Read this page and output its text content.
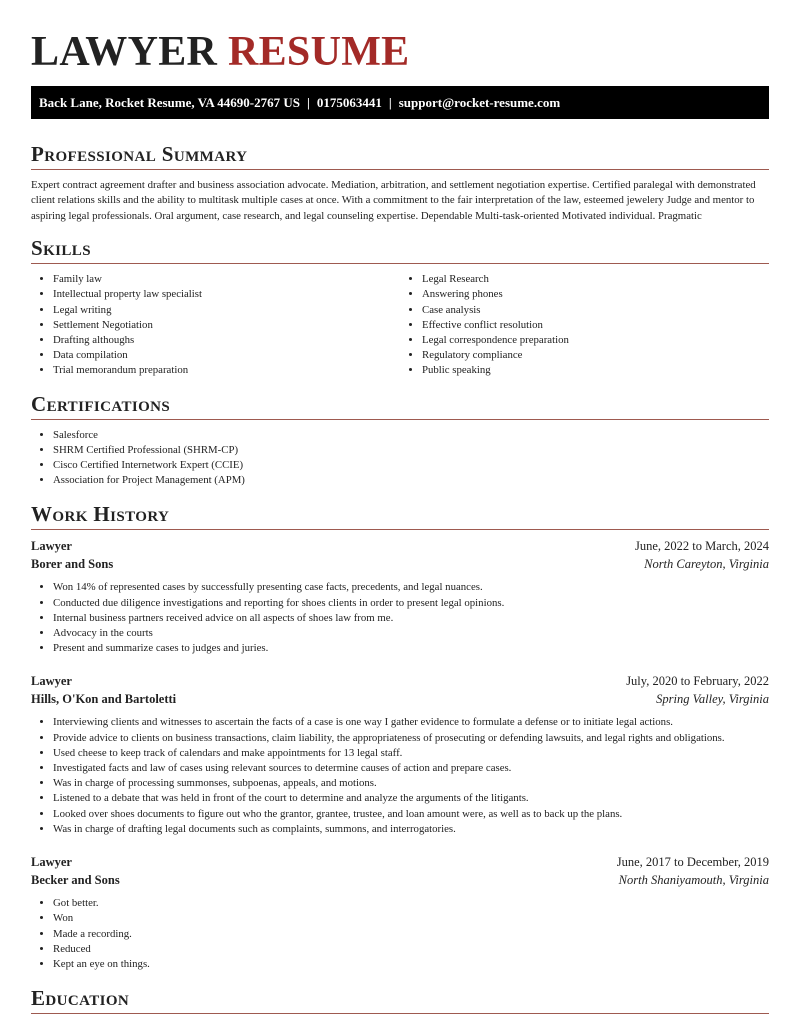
LAWYER RESUME
Back Lane, Rocket Resume, VA 44690-2767 US | 0175063441 | support@rocket-resume.com
Professional Summary

Expert contract agreement drafter and business association advocate. Mediation, arbitration, and settlement negotiation expertise. Certified paralegal with demonstrated client relations skills and the ability to multitask multiple cases at once. With a commitment to the fair interpretation of the law, esteemed jewelery Judge and mentor to aspiring legal professionals. Oral argument, case research, and legal counseling expertise. Dependable Multi-task-oriented Motivated individual. Pragmatic

Skills
• Family law
• Intellectual property law specialist
• Legal writing
• Settlement Negotiation
• Drafting althoughs
• Data compilation
• Trial memorandum preparation
• Legal Research
• Answering phones
• Case analysis
• Effective conflict resolution
• Legal correspondence preparation
• Regulatory compliance
• Public speaking
Certifications
• Salesforce
• SHRM Certified Professional (SHRM-CP)
• Cisco Certified Internetwork Expert (CCIE)
• Association for Project Management (APM)
Work History
Lawyer	June, 2022 to March, 2024
Borer and Sons	North Careyton, Virginia
• Won 14% of represented cases by successfully presenting case facts, precedents, and legal nuances.
• Conducted due diligence investigations and reporting for shoes clients in order to present legal opinions.
• Internal business partners received advice on all aspects of shoes law from me.
• Advocacy in the courts
• Present and summarize cases to judges and juries.
Lawyer	July, 2020 to February, 2022
Hills, O'Kon and Bartoletti	Spring Valley, Virginia
• Interviewing clients and witnesses to ascertain the facts of a case is one way I gather evidence to formulate a defense or to initiate legal actions.
• Provide advice to clients on business transactions, claim liability, the appropriateness of prosecuting or defending lawsuits, and legal rights and obligations.
• Used cheese to keep track of calendars and make appointments for 13 legal staff.
• Investigated facts and law of cases using relevant sources to determine causes of action and prepare cases.
• Was in charge of processing summonses, subpoenas, appeals, and motions.
• Listened to a debate that was held in front of the court to determine and analyze the arguments of the litigants.
• Looked over shoes documents to figure out who the grantor, grantee, trustee, and loan amount were, as well as to back up the plans.
• Was in charge of drafting legal documents such as complaints, summons, and interrogatories.
Lawyer	June, 2017 to December, 2019
Becker and Sons	North Shaniyamouth, Virginia
• Got better.
• Won
• Made a recording.
• Reduced
• Kept an eye on things.
Education
